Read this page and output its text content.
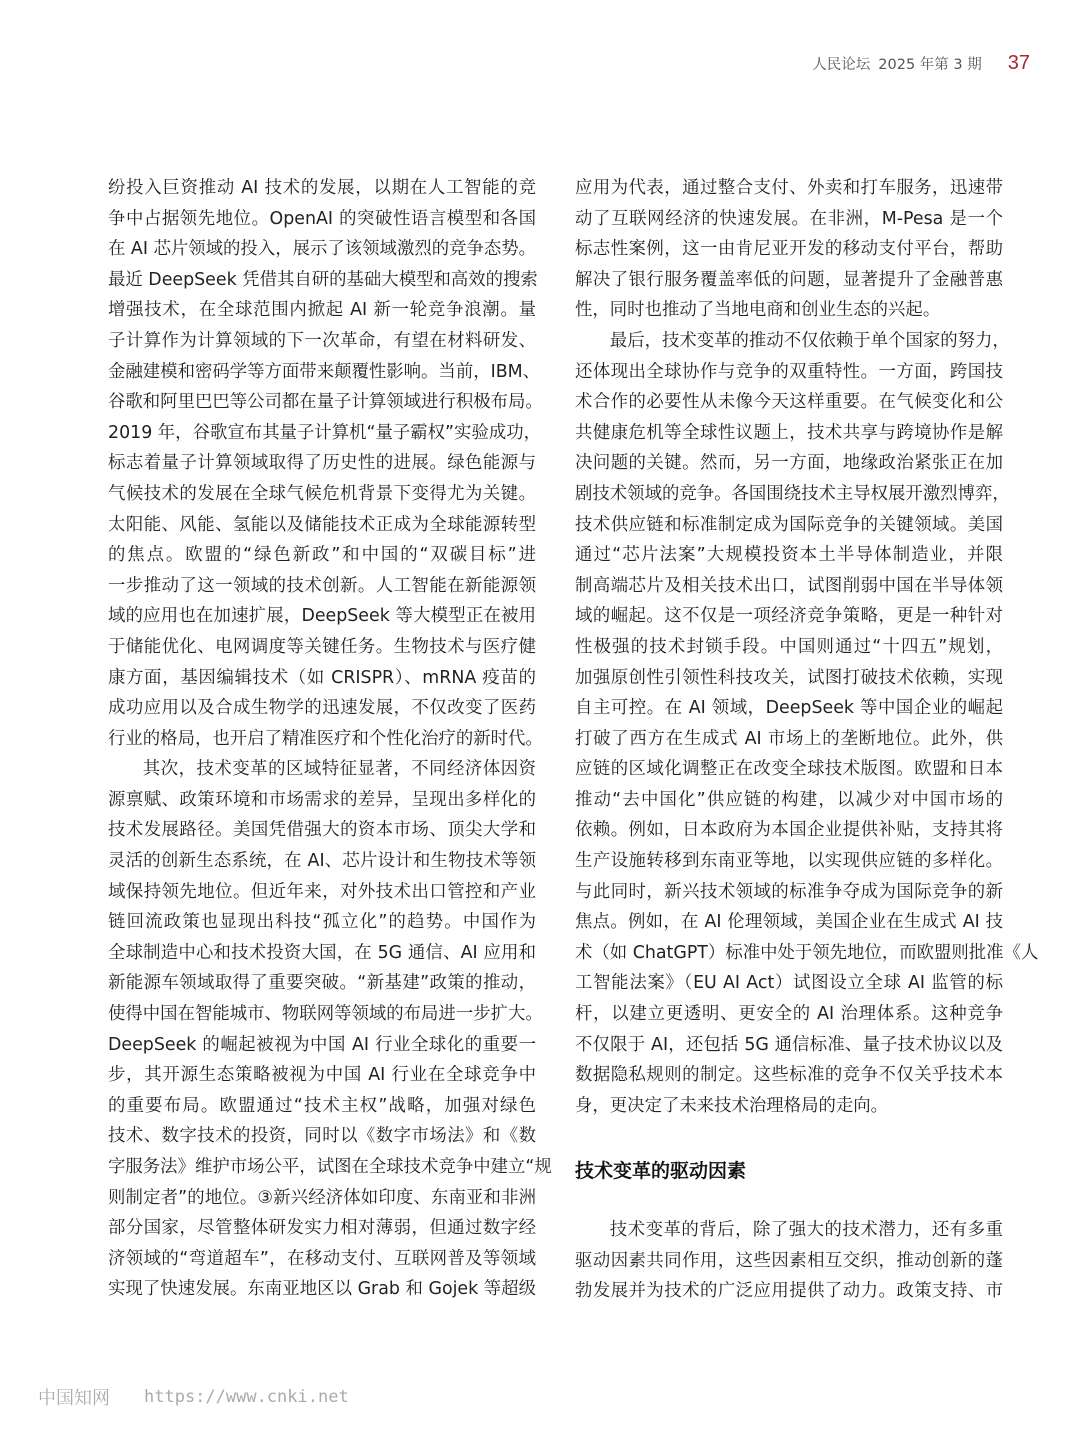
人民论坛 2025 年第 3 期 37
纷投入巨资推动 AI 技术的发展，以期在人工智能的竞
争中占据领先地位。OpenAI 的突破性语言模型和各国
在 AI 芯片领域的投入，展示了该领域激烈的竞争态势。
最近 DeepSeek 凭借其自研的基础大模型和高效的搜索
增强技术，在全球范围内掀起 AI 新一轮竞争浪潮。量
子计算作为计算领域的下一次革命，有望在材料研发、
金融建模和密码学等方面带来颠覆性影响。当前，IBM、
谷歌和阿里巴巴等公司都在量子计算领域进行积极布局。
2019 年，谷歌宣布其量子计算机“量子霸权”实验成功，
标志着量子计算领域取得了历史性的进展。绿色能源与
气候技术的发展在全球气候危机背景下变得尤为关键。
太阳能、风能、氢能以及储能技术正成为全球能源转型
的焦点。欧盟的“绿色新政”和中国的“双碳目标”进
一步推动了这一领域的技术创新。人工智能在新能源领
域的应用也在加速扩展，DeepSeek 等大模型正在被用
于储能优化、电网调度等关键任务。生物技术与医疗健
康方面，基因编辑技术（如 CRISPR）、mRNA 疫苗的
成功应用以及合成生物学的迅速发展，不仅改变了医药
行业的格局，也开启了精准医疗和个性化治疗的新时代。
其次，技术变革的区域特征显著，不同经济体因资
源禀赋、政策环境和市场需求的差异，呈现出多样化的
技术发展路径。美国凭借强大的资本市场、顶尖大学和
灵活的创新生态系统，在 AI、芯片设计和生物技术等领
域保持领先地位。但近年来，对外技术出口管控和产业
链回流政策也显现出科技“孤立化”的趋势。中国作为
全球制造中心和技术投资大国，在 5G 通信、AI 应用和
新能源车领域取得了重要突破。“新基建”政策的推动，
使得中国在智能城市、物联网等领域的布局进一步扩大。
DeepSeek 的崛起被视为中国 AI 行业全球化的重要一
步，其开源生态策略被视为中国 AI 行业在全球竞争中
的重要布局。欧盟通过“技术主权”战略，加强对绿色
技术、数字技术的投资，同时以《数字市场法》和《数
字服务法》维护市场公平，试图在全球技术竞争中建立“规
则制定者”的地位。③新兴经济体如印度、东南亚和非洲
部分国家，尽管整体研发实力相对薄弱，但通过数字经
济领域的“弯道超车”，在移动支付、互联网普及等领域
实现了快速发展。东南亚地区以 Grab 和 Gojek 等超级
应用为代表，通过整合支付、外卖和打车服务，迅速带
动了互联网经济的快速发展。在非洲，M-Pesa 是一个
标志性案例，这一由肯尼亚开发的移动支付平台，帮助
解决了银行服务覆盖率低的问题，显著提升了金融普惠
性，同时也推动了当地电商和创业生态的兴起。
最后，技术变革的推动不仅依赖于单个国家的努力，
还体现出全球协作与竞争的双重特性。一方面，跨国技
术合作的必要性从未像今天这样重要。在气候变化和公
共健康危机等全球性议题上，技术共享与跨境协作是解
决问题的关键。然而，另一方面，地缘政治紧张正在加
剧技术领域的竞争。各国围绕技术主导权展开激烈博弈，
技术供应链和标准制定成为国际竞争的关键领域。美国
通过“芯片法案”大规模投资本土半导体制造业，并限
制高端芯片及相关技术出口，试图削弱中国在半导体领
域的崛起。这不仅是一项经济竞争策略，更是一种针对
性极强的技术封锁手段。中国则通过“十四五”规划，
加强原创性引领性科技攻关，试图打破技术依赖，实现
自主可控。在 AI 领域，DeepSeek 等中国企业的崛起
打破了西方在生成式 AI 市场上的垄断地位。此外，供
应链的区域化调整正在改变全球技术版图。欧盟和日本
推动“去中国化”供应链的构建，以减少对中国市场的
依赖。例如，日本政府为本国企业提供补贴，支持其将
生产设施转移到东南亚等地，以实现供应链的多样化。
与此同时，新兴技术领域的标准争夺成为国际竞争的新
焦点。例如，在 AI 伦理领域，美国企业在生成式 AI 技
术（如 ChatGPT）标准中处于领先地位，而欧盟则批准《人
工智能法案》（EU AI Act）试图设立全球 AI 监管的标
杆，以建立更透明、更安全的 AI 治理体系。这种竞争
不仅限于 AI，还包括 5G 通信标准、量子技术协议以及
数据隐私规则的制定。这些标准的竞争不仅关乎技术本
身，更决定了未来技术治理格局的走向。
技术变革的驱动因素
技术变革的背后，除了强大的技术潜力，还有多重
驱动因素共同作用，这些因素相互交织，推动创新的蓬
勃发展并为技术的广泛应用提供了动力。政策支持、市
中国知网 https://www.cnki.net
